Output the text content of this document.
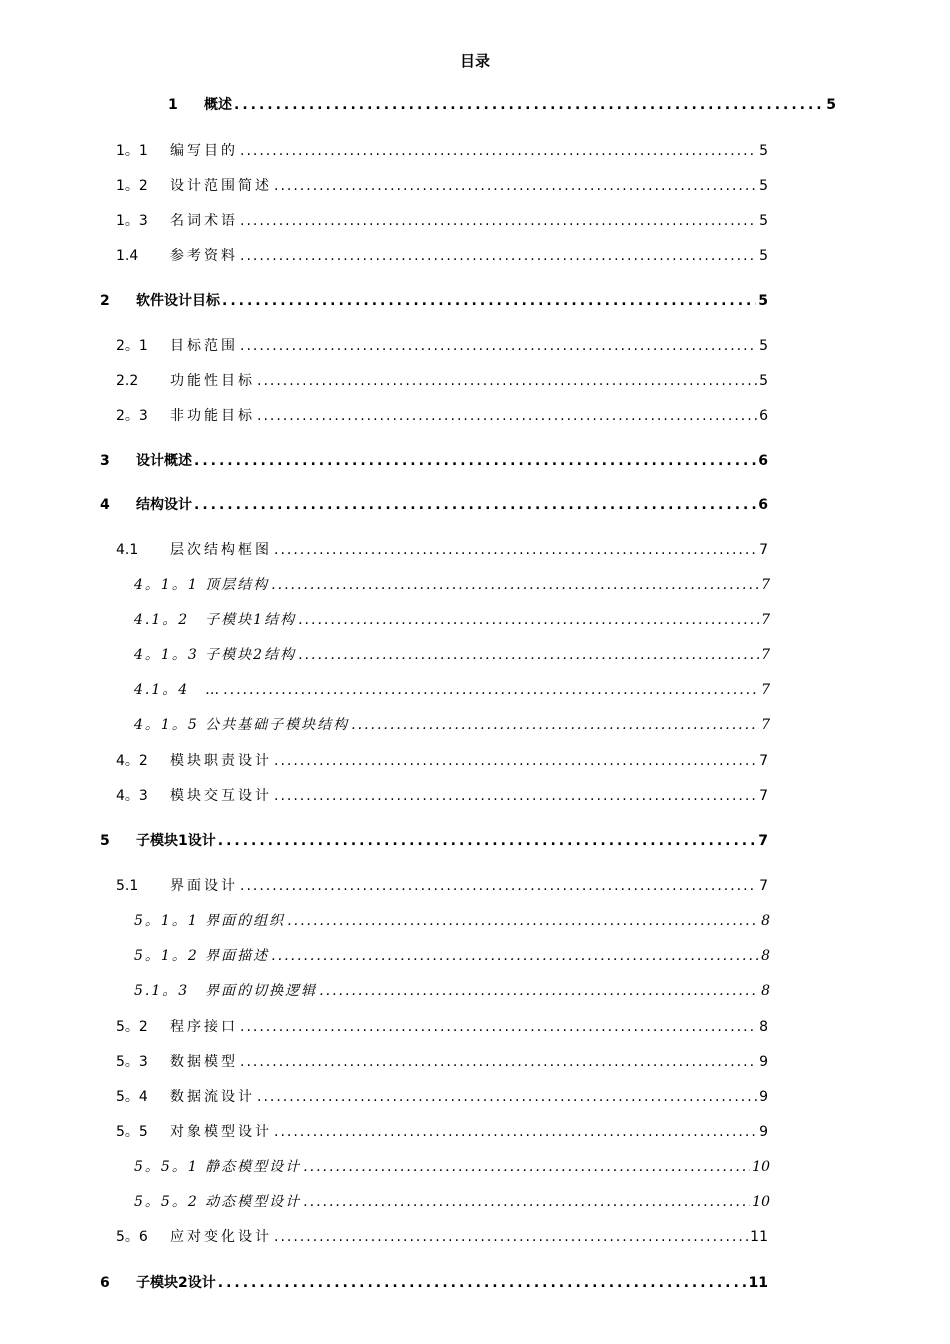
目录
1	概述 .....	5
1。1	编写目的 .....	5
1。2	设计范围简述 .....	5
1。3	名词术语 .....	5
1.4	参考资料 .....	5
2	软件设计目标 .....	5
2。1	目标范围 .....	5
2.2	功能性目标 .....	5
2。3	非功能目标 .....	6
3	设计概述 .....	6
4	结构设计 .....	6
4.1	层次结构框图 .....	7
4。1。1 顶层结构 .....	7
4.1。2　子模块1结构 .....	7
4。1。3 子模块2结构 .....	7
4.1。4　… .....	7
4。1。5 公共基础子模块结构 .....	7
4。2	模块职责设计 .....	7
4。3	模块交互设计 .....	7
5	子模块1设计 .....	7
5.1	界面设计 .....	7
5。1。1 界面的组织 .....	8
5。1。2 界面描述 .....	8
5.1。3　界面的切换逻辑 .....	8
5。2	程序接口 .....	8
5。3	数据模型 .....	9
5。4	数据流设计 .....	9
5。5	对象模型设计 .....	9
5。5。1 静态模型设计 .....	10
5。5。2 动态模型设计 .....	10
5。6	应对变化设计 .....	11
6	子模块2设计 .....	11
